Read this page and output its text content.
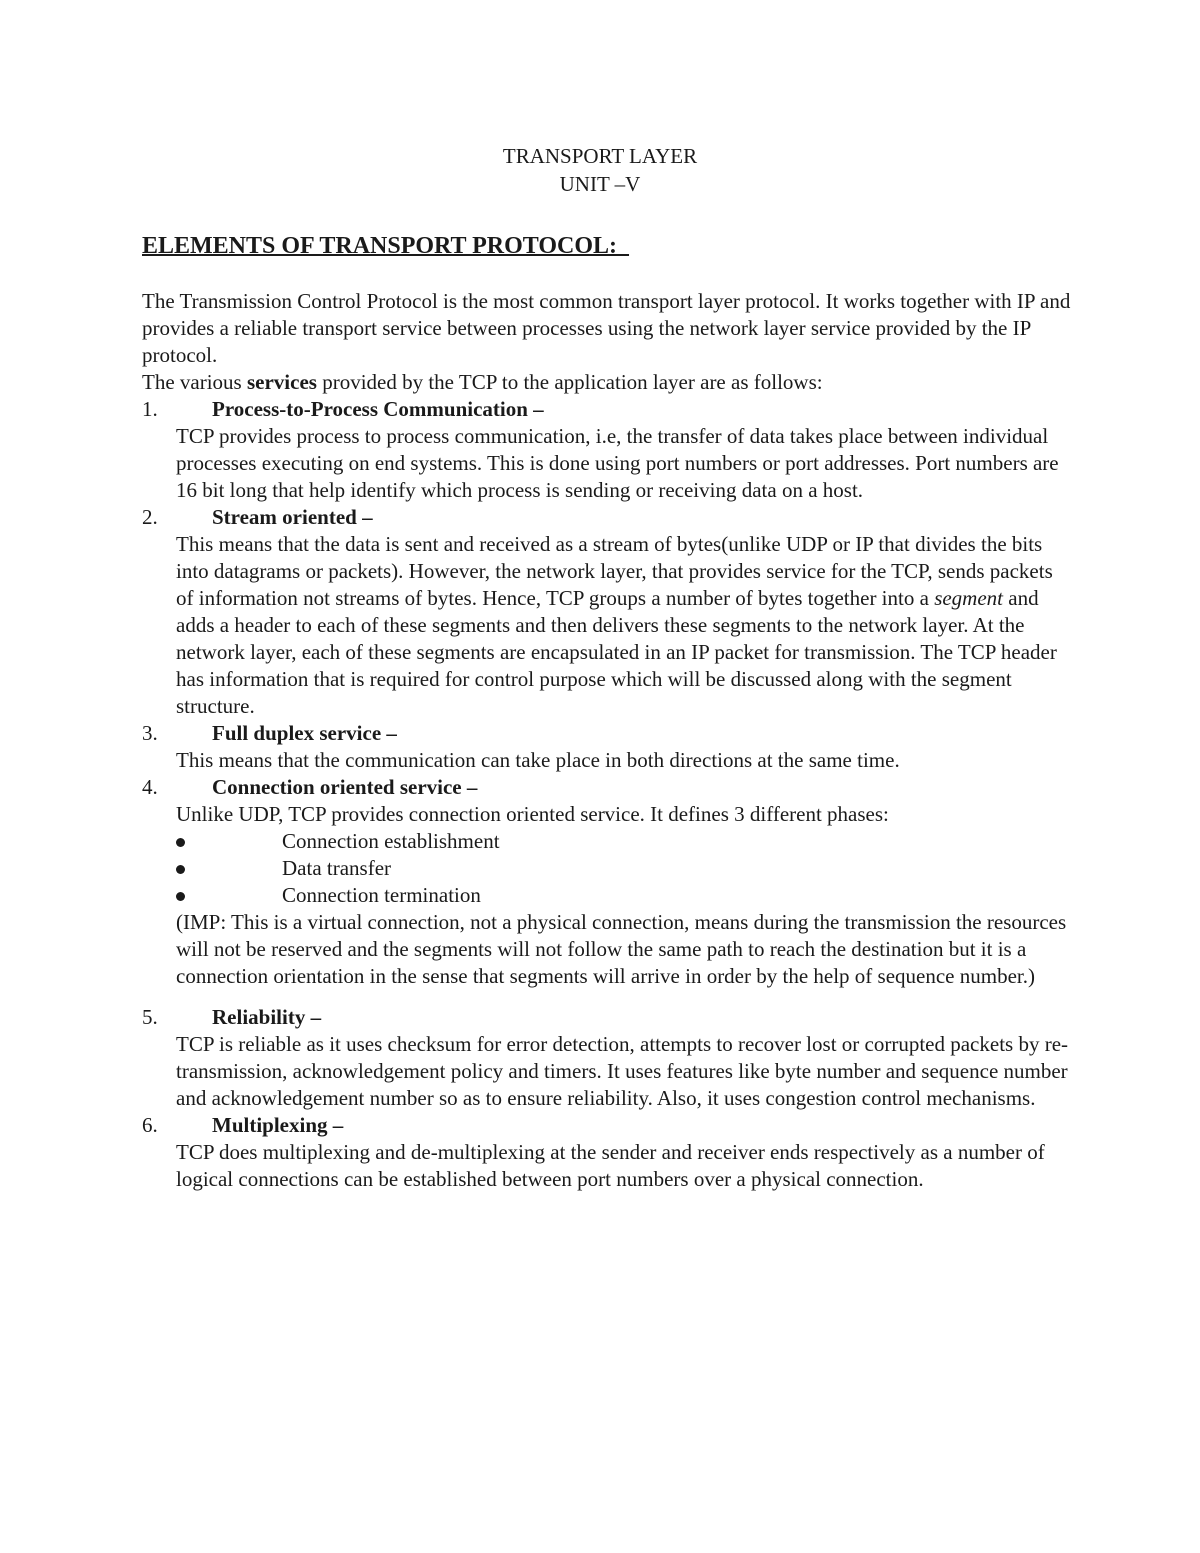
TRANSPORT LAYER
UNIT –V
ELEMENTS OF TRANSPORT PROTOCOL:

The Transmission Control Protocol is the most common transport layer protocol. It works together with IP and provides a reliable transport service between processes using the network layer service provided by the IP protocol.

The various services provided by the TCP to the application layer are as follows:

1.	Process-to-Process Communication –
TCP provides process to process communication, i.e, the transfer of data takes place between individual processes executing on end systems. This is done using port numbers or port addresses. Port numbers are 16 bit long that help identify which process is sending or receiving data on a host.
2.	Stream oriented –
This means that the data is sent and received as a stream of bytes(unlike UDP or IP that divides the bits into datagrams or packets). However, the network layer, that provides service for the TCP, sends packets of information not streams of bytes. Hence, TCP groups a number of bytes together into a segment and adds a header to each of these segments and then delivers these segments to the network layer. At the network layer, each of these segments are encapsulated in an IP packet for transmission. The TCP header has information that is required for control purpose which will be discussed along with the segment structure.
3.	Full duplex service –
This means that the communication can take place in both directions at the same time.
4.	Connection oriented service –
Unlike UDP, TCP provides connection oriented service. It defines 3 different phases:
Connection establishment
Data transfer
Connection termination
(IMP: This is a virtual connection, not a physical connection, means during the transmission the resources will not be reserved and the segments will not follow the same path to reach the destination but it is a connection orientation in the sense that segments will arrive in order by the help of sequence number.)
5.	Reliability –
TCP is reliable as it uses checksum for error detection, attempts to recover lost or corrupted packets by re-transmission, acknowledgement policy and timers. It uses features like byte number and sequence number and acknowledgement number so as to ensure reliability. Also, it uses congestion control mechanisms.
6.	Multiplexing –
TCP does multiplexing and de-multiplexing at the sender and receiver ends respectively as a number of logical connections can be established between port numbers over a physical connection.
